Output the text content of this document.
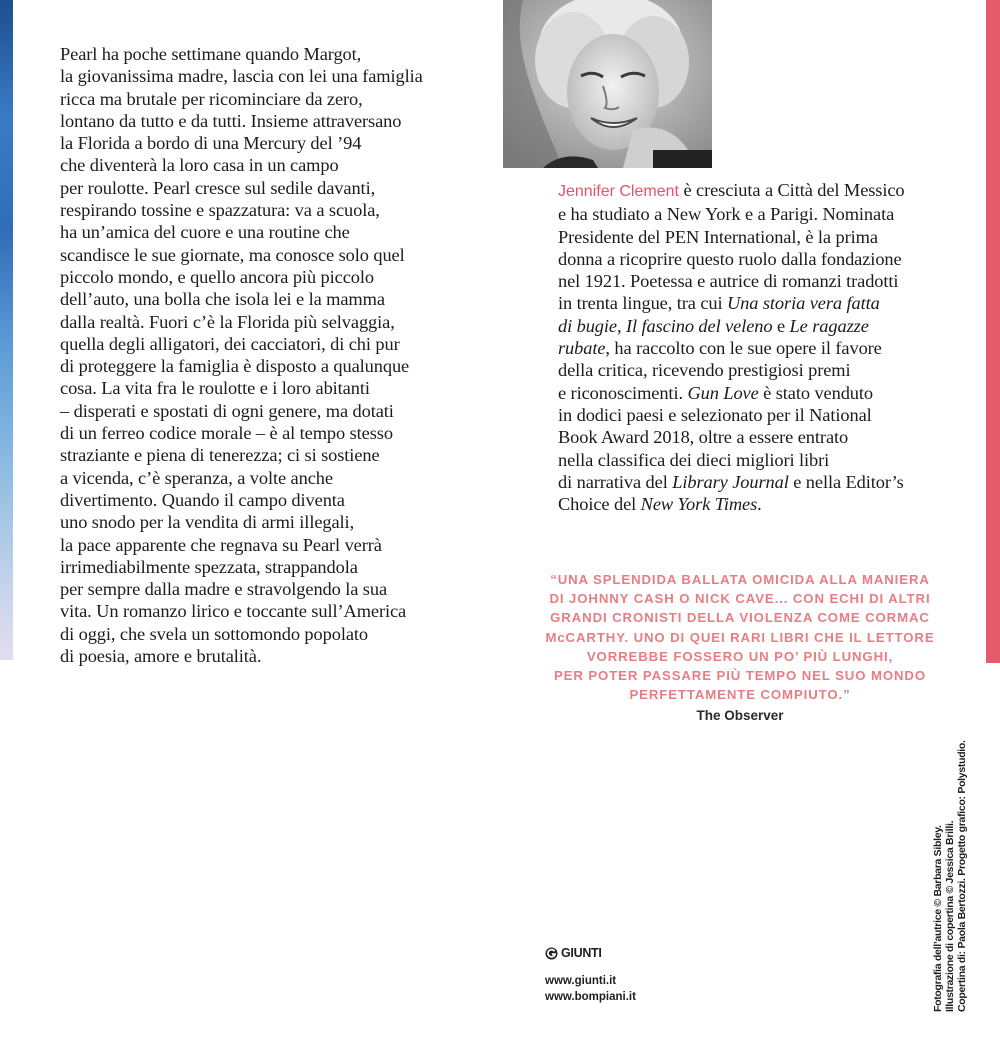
Pearl ha poche settimane quando Margot,
la giovanissima madre, lascia con lei una famiglia
ricca ma brutale per ricominciare da zero,
lontano da tutto e da tutti. Insieme attraversano
la Florida a bordo di una Mercury del ’94
che diventerà la loro casa in un campo
per roulotte. Pearl cresce sul sedile davanti,
respirando tossine e spazzatura: va a scuola,
ha un’amica del cuore e una routine che
scandisce le sue giornate, ma conosce solo quel
piccolo mondo, e quello ancora più piccolo
dell’auto, una bolla che isola lei e la mamma
dalla realtà. Fuori c’è la Florida più selvaggia,
quella degli alligatori, dei cacciatori, di chi pur
di proteggere la famiglia è disposto a qualunque
cosa. La vita fra le roulotte e i loro abitanti
– disperati e spostati di ogni genere, ma dotati
di un ferreo codice morale – è al tempo stesso
straziante e piena di tenerezza; ci si sostiene
a vicenda, c’è speranza, a volte anche
divertimento. Quando il campo diventa
uno snodo per la vendita di armi illegali,
la pace apparente che regnava su Pearl verrà
irrimediabilmente spezzata, strappandola
per sempre dalla madre e stravolgendo la sua
vita. Un romanzo lirico e toccante sull’America
di oggi, che svela un sottomondo popolato
di poesia, amore e brutalità.
Jennifer Clement è cresciuta a Città del Messico
e ha studiato a New York e a Parigi. Nominata
Presidente del PEN International, è la prima
donna a ricoprire questo ruolo dalla fondazione
nel 1921. Poetessa e autrice di romanzi tradotti
in trenta lingue, tra cui Una storia vera fatta
di bugie, Il fascino del veleno e Le ragazze
rubate, ha raccolto con le sue opere il favore
della critica, ricevendo prestigiosi premi
e riconoscimenti. Gun Love è stato venduto
in dodici paesi e selezionato per il National
Book Award 2018, oltre a essere entrato
nella classifica dei dieci migliori libri
di narrativa del Library Journal e nella Editor’s
Choice del New York Times.
“UNA SPLENDIDA BALLATA OMICIDA ALLA MANIERA
DI JOHNNY CASH O NICK CAVE... CON ECHI DI ALTRI
GRANDI CRONISTI DELLA VIOLENZA COME CORMAC
McCARTHY. UNO DI QUEI RARI LIBRI CHE IL LETTORE
VORREBBE FOSSERO UN PO’ PIÙ LUNGHI,
PER POTER PASSARE PIÙ TEMPO NEL SUO MONDO
PERFETTAMENTE COMPIUTO.”
The Observer
GIUNTI
www.giunti.it
www.bompiani.it	Fotografia dell’autrice © Barbara Sibley. Illustrazione di copertina © Jessica Brilli. Copertina di: Paola Bertozzi. Progetto grafico: Polystudio.
